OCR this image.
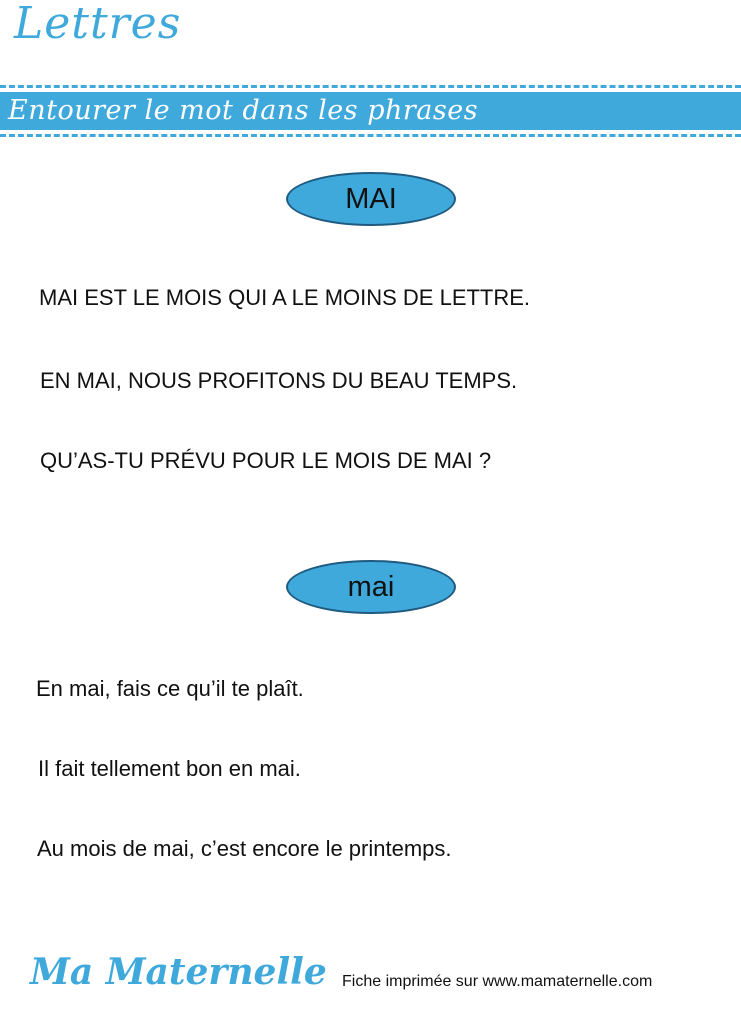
Lettres
Entourer le mot dans les phrases
MAI
MAI EST LE MOIS QUI A LE MOINS DE LETTRE.
EN MAI, NOUS PROFITONS DU BEAU TEMPS.
QU’AS-TU PRÉVU POUR LE MOIS DE MAI ?
mai
En mai, fais ce qu’il te plaît.
Il fait tellement bon en mai.
Au mois de mai, c’est encore le printemps.
Ma Maternelle Fiche imprimée sur www.mamaternelle.com
